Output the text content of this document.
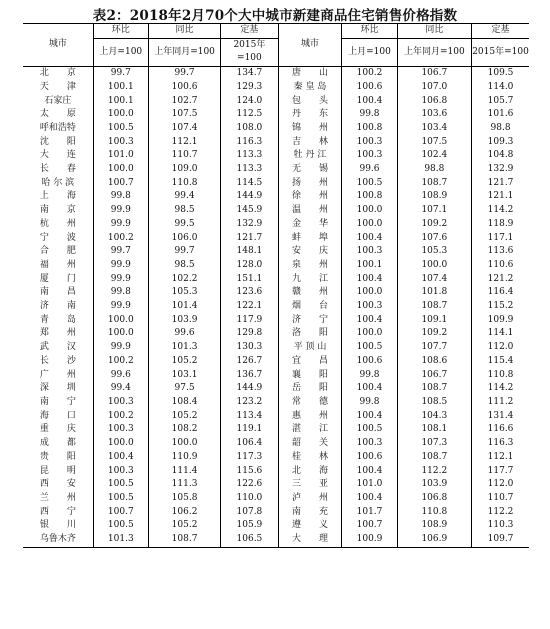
表2：2018年2月70个大中城市新建商品住宅销售价格指数
城市	环比	同比	定基	城市	环比	同比	定基
	上月=100	上年同月=100	2015年=100		上月=100	上年同月=100	2015年=100
北　　京	99.7	99.7	134.7	唐　　山	100.2	106.7	109.5
天　　津	100.1	100.6	129.3	秦 皇 岛	100.6	107.0	114.0
石家庄	100.1	102.7	124.0	包　　头	100.4	106.8	105.7
太　　原	100.0	107.5	112.5	丹　　东	99.8	103.6	101.6
呼和浩特	100.5	107.4	108.0	锦　　州	100.8	103.4	98.8
沈　　阳	100.3	112.1	116.3	吉　　林	100.3	107.5	109.3
大　　连	101.0	110.7	113.3	牡 丹 江	100.3	102.4	104.8
长　　春	100.0	109.0	113.3	无　　锡	99.6	98.8	132.9
哈 尔 滨	100.7	110.8	114.5	扬　　州	100.5	108.7	121.7
上　　海	99.8	99.4	144.9	徐　　州	100.8	108.9	121.1
南　　京	99.9	98.5	145.9	温　　州	100.0	107.1	114.2
杭　　州	99.9	99.5	132.9	金　　华	100.0	109.2	118.9
宁　　波	100.2	106.0	121.7	蚌　　埠	100.4	107.6	117.1
合　　肥	99.7	99.7	148.1	安　　庆	100.3	105.3	113.6
福　　州	99.9	98.5	128.0	泉　　州	100.1	100.0	110.6
厦　　门	99.9	102.2	151.1	九　　江	100.4	107.4	121.2
南　　昌	99.8	105.3	123.6	赣　　州	100.0	101.8	116.4
济　　南	99.9	101.4	122.1	烟　　台	100.3	108.7	115.2
青　　岛	100.0	103.9	117.9	济　　宁	100.4	109.1	109.9
郑　　州	100.0	99.6	129.8	洛　　阳	100.0	109.2	114.1
武　　汉	99.9	101.3	130.3	平 顶 山	100.5	107.7	112.0
长　　沙	100.2	105.2	126.7	宜　　昌	100.6	108.6	115.4
广　　州	99.6	103.1	136.7	襄　　阳	99.8	106.7	110.8
深　　圳	99.4	97.5	144.9	岳　　阳	100.4	108.7	114.2
南　　宁	100.3	108.4	123.2	常　　德	99.8	108.5	111.2
海　　口	100.2	105.2	113.4	惠　　州	100.4	104.3	131.4
重　　庆	100.3	108.2	119.1	湛　　江	100.5	108.1	116.6
成　　都	100.0	100.0	106.4	韶　　关	100.3	107.3	116.3
贵　　阳	100.4	110.9	117.3	桂　　林	100.6	108.7	112.1
昆　　明	100.3	111.4	115.6	北　　海	100.4	112.2	117.7
西　　安	100.5	111.3	122.6	三　　亚	101.0	103.9	112.0
兰　　州	100.5	105.8	110.0	泸　　州	100.4	106.8	110.7
西　　宁	100.7	106.2	107.8	南　　充	101.7	110.8	112.2
银　　川	100.5	105.2	105.9	遵　　义	100.7	108.9	110.3
乌鲁木齐	101.3	108.7	106.5	大　　理	100.9	106.9	109.7
